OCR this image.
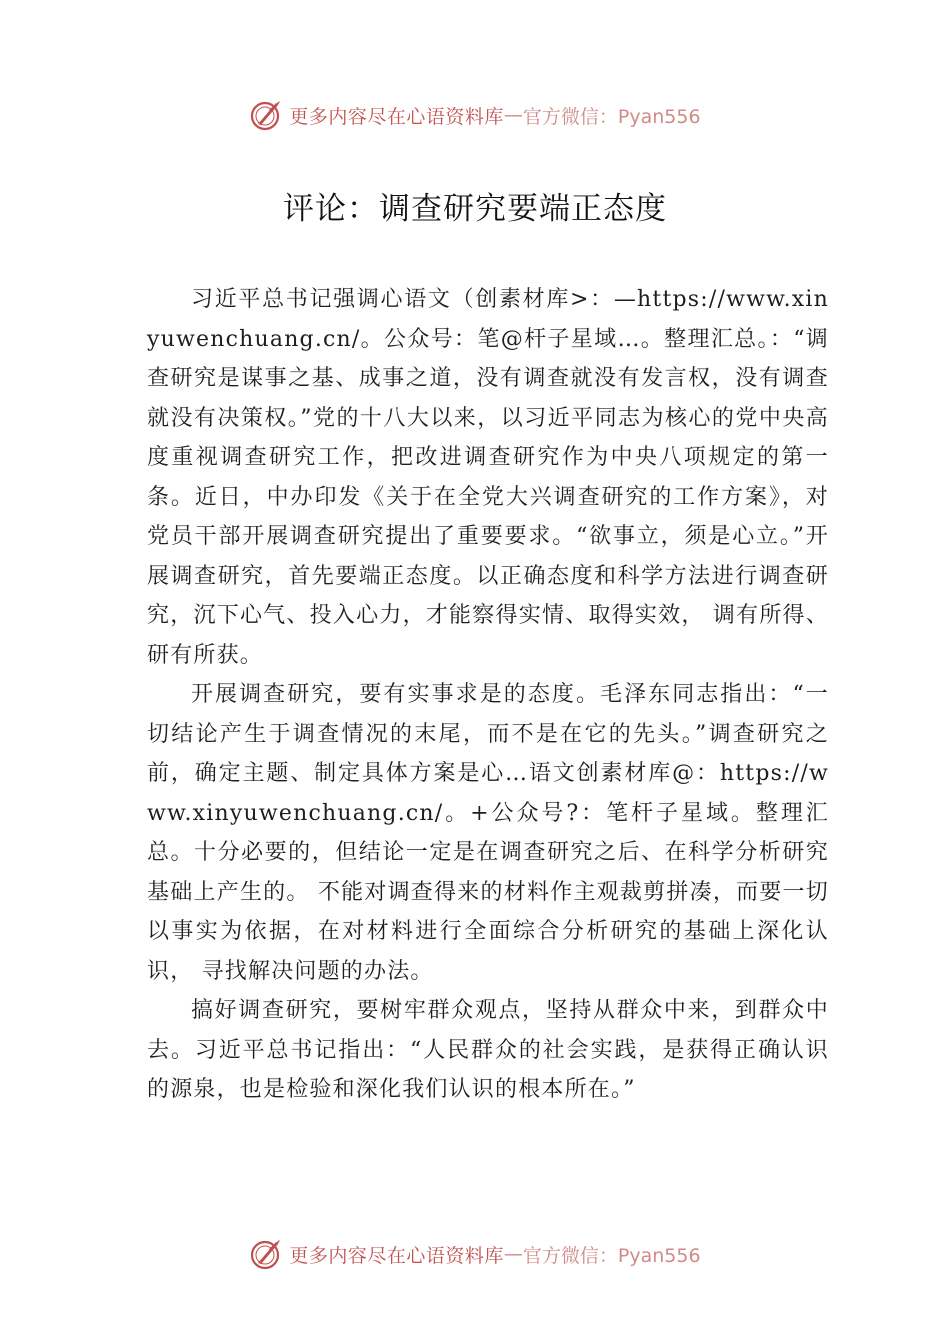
更多内容尽在心语资料库 — 官方微信：Pyan556
评论：调查研究要端正态度

习近平总书记强调心语文（创素材库>：—https://www.xinyuwenchuang.cn/。公众号：笔@杆子星域…。整理汇总。：“调查研究是谋事之基、成事之道，没有调查就没有发言权，没有调查就没有决策权。”党的十八大以来，以习近平同志为核心的党中央高度重视调查研究工作，把改进调查研究作为中央八项规定的第一条。近日，中办印发《关于在全党大兴调查研究的工作方案》，对党员干部开展调查研究提出了重要要求。“欲事立，须是心立。”开展调查研究，首先要端正态度。以正确态度和科学方法进行调查研究，沉下心气、投入心力，才能察得实情、取得实效， 调有所得、研有所获。

开展调查研究，要有实事求是的态度。毛泽东同志指出：“一切结论产生于调查情况的末尾，而不是在它的先头。”调查研究之前，确定主题、制定具体方案是心…语文创素材库@：https://www.xinyuwenchuang.cn/。+公众号?：笔杆子星域。整理汇总。十分必要的，但结论一定是在调查研究之后、在科学分析研究基础上产生的。 不能对调查得来的材料作主观裁剪拼凑，而要一切以事实为依据，在对材料进行全面综合分析研究的基础上深化认识， 寻找解决问题的办法。

搞好调查研究，要树牢群众观点，坚持从群众中来，到群众中去。习近平总书记指出：“人民群众的社会实践，是获得正确认识的源泉，也是检验和深化我们认识的根本所在。”

更多内容尽在心语资料库 — 官方微信：Pyan556
